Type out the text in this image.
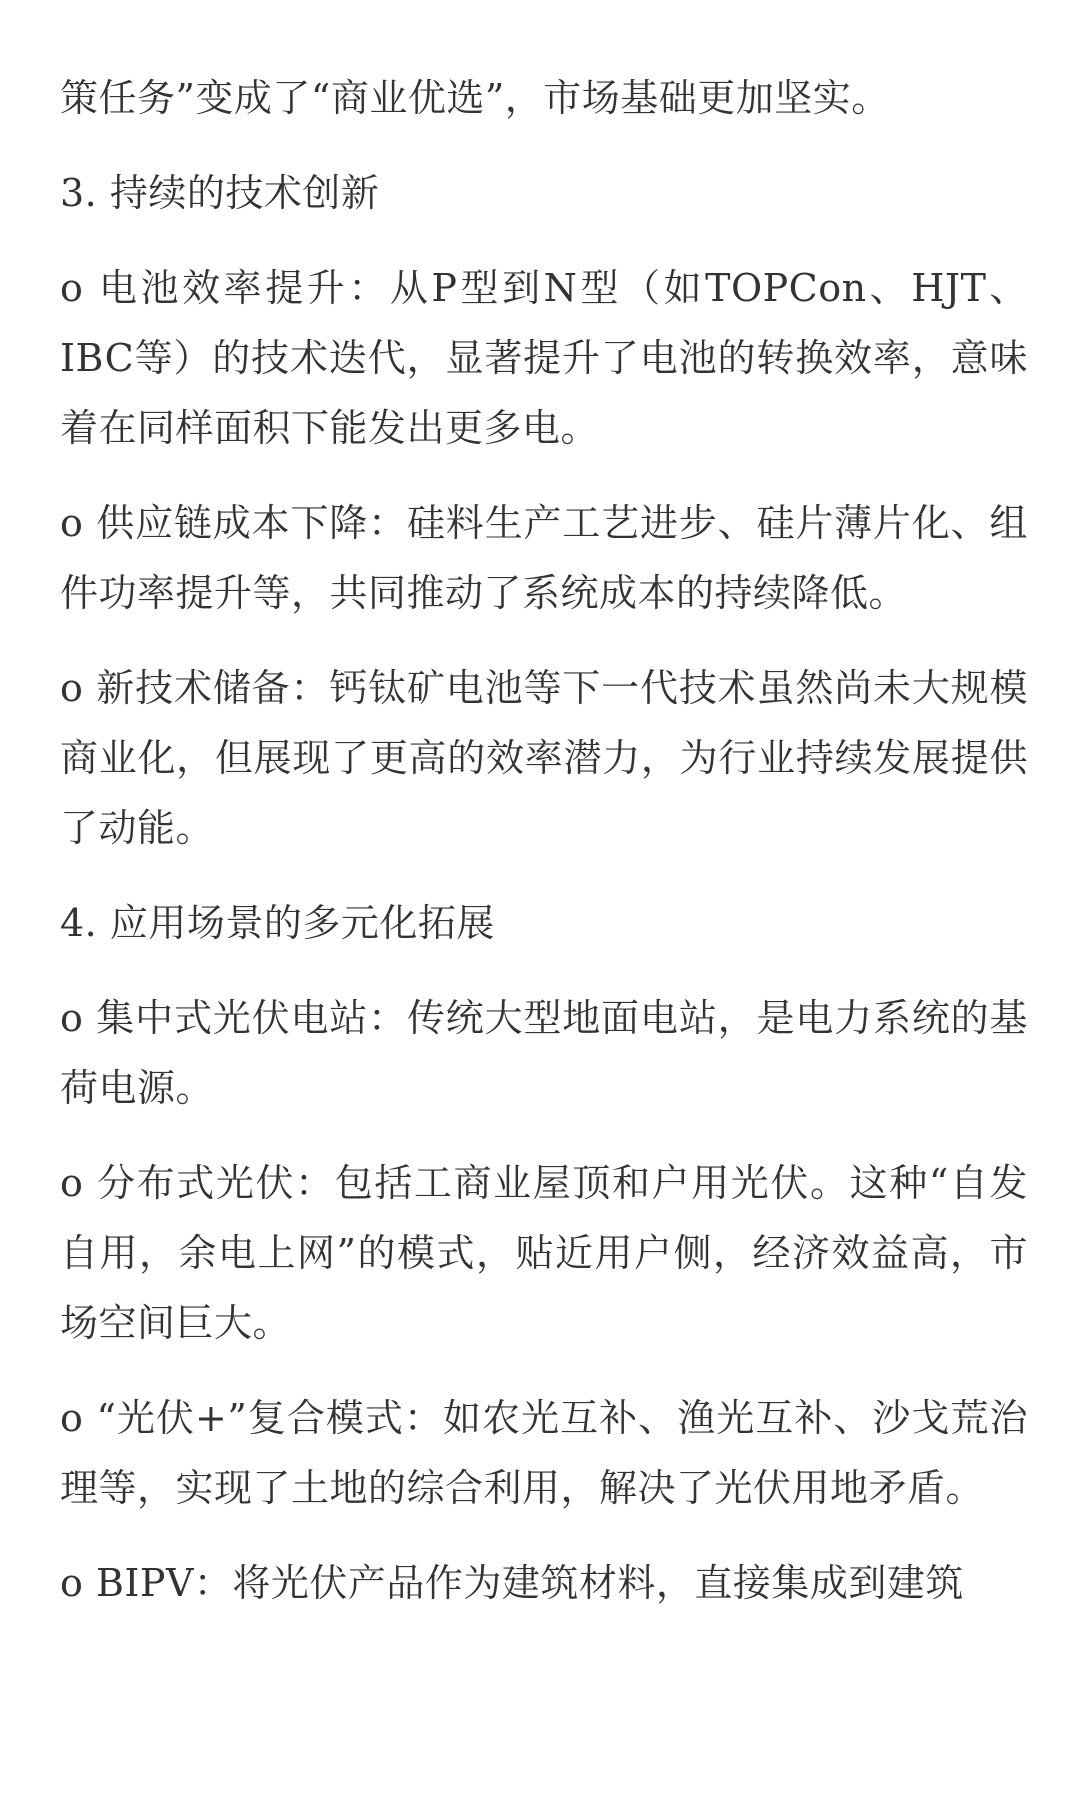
策任务”变成了“商业优选”，市场基础更加坚实。

3. 持续的技术创新

o 电池效率提升：从P型到N型（如TOPCon、HJT、IBC等）的技术迭代，显著提升了电池的转换效率，意味着在同样面积下能发出更多电。

o 供应链成本下降：硅料生产工艺进步、硅片薄片化、组件功率提升等，共同推动了系统成本的持续降低。

o 新技术储备：钙钛矿电池等下一代技术虽然尚未大规模商业化，但展现了更高的效率潜力，为行业持续发展提供了动能。

4. 应用场景的多元化拓展

o 集中式光伏电站：传统大型地面电站，是电力系统的基荷电源。

o 分布式光伏：包括工商业屋顶和户用光伏。这种“自发自用，余电上网”的模式，贴近用户侧，经济效益高，市场空间巨大。

o “光伏+”复合模式：如农光互补、渔光互补、沙戈荒治理等，实现了土地的综合利用，解决了光伏用地矛盾。

o BIPV：将光伏产品作为建筑材料，直接集成到建筑
